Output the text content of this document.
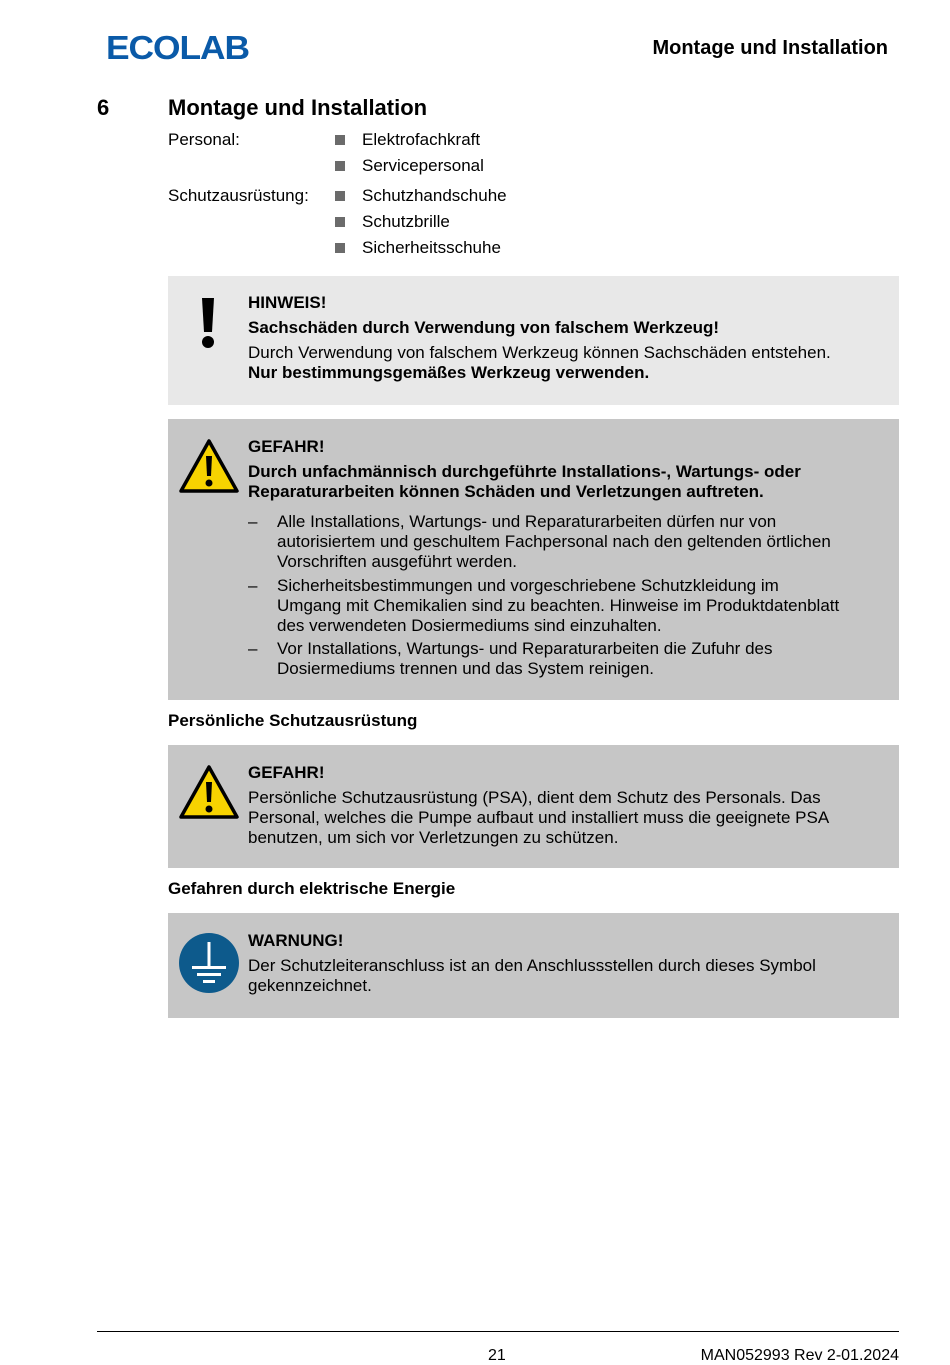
ECOLAB	Montage und Installation
6	Montage und Installation
Personal:	Elektrofachkraft
Servicepersonal
Schutzausrüstung:	Schutzhandschuhe
Schutzbrille
Sicherheitsschuhe
HINWEIS!
Sachschäden durch Verwendung von falschem Werkzeug!
Durch Verwendung von falschem Werkzeug können Sachschäden entstehen.
Nur bestimmungsgemäßes Werkzeug verwenden.
GEFAHR!
Durch unfachmännisch durchgeführte Installations-, Wartungs- oder
Reparaturarbeiten können Schäden und Verletzungen auftreten.
– Alle Installations, Wartungs- und Reparaturarbeiten dürfen nur von
autorisiertem und geschultem Fachpersonal nach den geltenden örtlichen
Vorschriften ausgeführt werden.
– Sicherheitsbestimmungen und vorgeschriebene Schutzkleidung im
Umgang mit Chemikalien sind zu beachten. Hinweise im Produktdatenblatt
des verwendeten Dosiermediums sind einzuhalten.
– Vor Installations, Wartungs- und Reparaturarbeiten die Zufuhr des
Dosiermediums trennen und das System reinigen.
Persönliche Schutzausrüstung
GEFAHR!
Persönliche Schutzausrüstung (PSA), dient dem Schutz des Personals. Das
Personal, welches die Pumpe aufbaut und installiert muss die geeignete PSA
benutzen, um sich vor Verletzungen zu schützen.
Gefahren durch elektrische Energie
WARNUNG!
Der Schutzleiteranschluss ist an den Anschlussstellen durch dieses Symbol
gekennzeichnet.
21	MAN052993 Rev 2-01.2024
